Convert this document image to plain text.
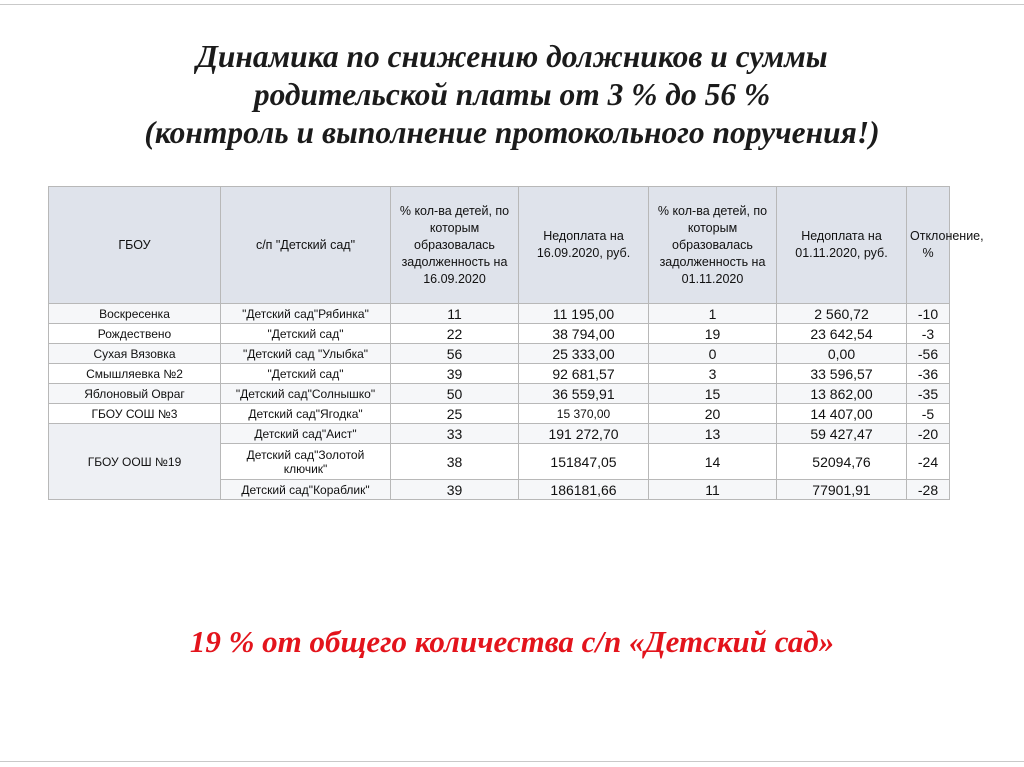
Динамика по снижению должников и суммы
родительской платы от 3 % до 56 %
(контроль и выполнение протокольного поручения!)
ГБОУ	с/п "Детский сад"	% кол-ва детей, по которым образовалась задолженность на 16.09.2020	Недоплата на 16.09.2020, руб.	% кол-ва детей, по которым образовалась задолженность на 01.11.2020	Недоплата на 01.11.2020, руб.	Отклонение, %
Воскресенка	"Детский сад"Рябинка"	11	11 195,00	1	2 560,72	-10
Рождествено	"Детский сад"	22	38 794,00	19	23 642,54	-3
Сухая Вязовка	"Детский сад "Улыбка"	56	25 333,00	0	0,00	-56
Смышляевка №2	"Детский сад"	39	92 681,57	3	33 596,57	-36
Яблоновый Овраг	"Детский сад"Солнышко"	50	36 559,91	15	13 862,00	-35
ГБОУ СОШ №3	Детский сад"Ягодка"	25	15 370,00	20	14 407,00	-5
ГБОУ ООШ №19	Детский сад"Аист"	33	191 272,70	13	59 427,47	-20
	Детский сад"Золотой ключик"	38	151847,05	14	52094,76	-24
	Детский сад"Кораблик"	39	186181,66	11	77901,91	-28
19 % от общего количества с/п «Детский сад»
